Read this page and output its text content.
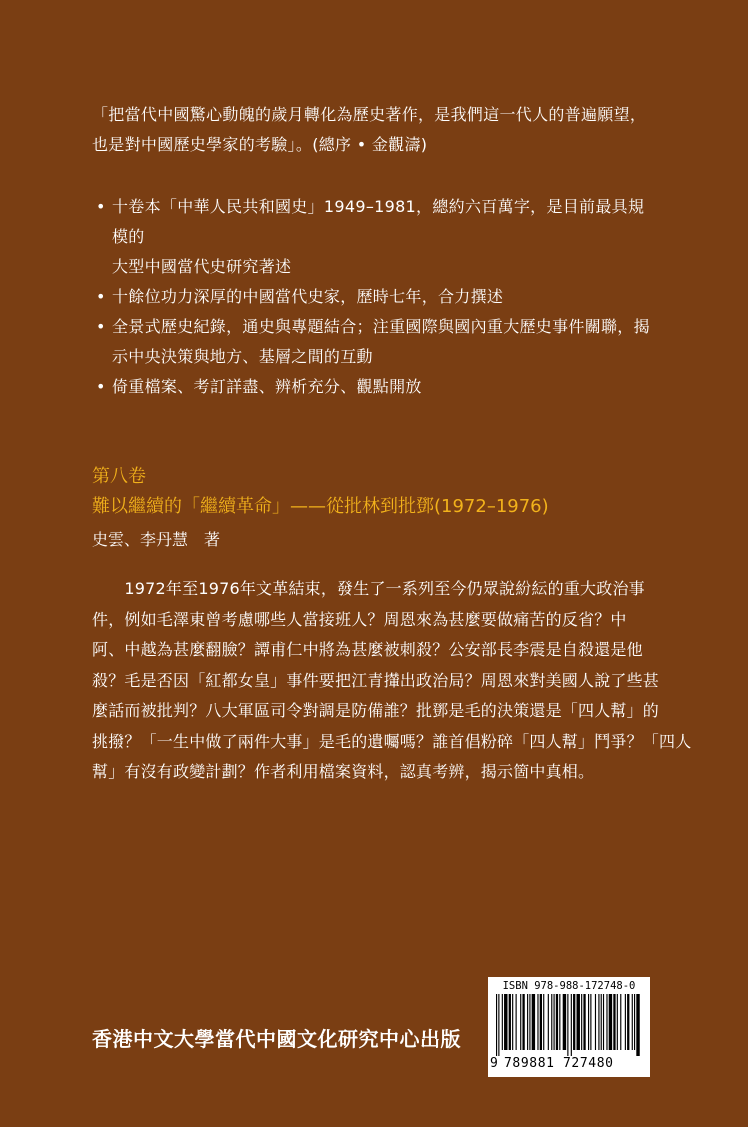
「把當代中國驚心動魄的歲月轉化為歷史著作，是我們這一代人的普遍願望，

也是對中國歷史學家的考驗」。(總序 • 金觀濤)

• 十卷本「中華人民共和國史」1949–1981，總約六百萬字，是目前最具規模的
大型中國當代史研究著述
• 十餘位功力深厚的中國當代史家，歷時七年，合力撰述
• 全景式歷史紀錄，通史與專題結合；注重國際與國內重大歷史事件關聯，揭
示中央決策與地方、基層之間的互動
• 倚重檔案、考訂詳盡、辨析充分、觀點開放
第八卷
難以繼續的「繼續革命」——從批林到批鄧(1972–1976)
史雲、李丹慧　著
　　1972年至1976年文革結束，發生了一系列至今仍眾說紛紜的重大政治事
件，例如毛澤東曾考慮哪些人當接班人？周恩來為甚麼要做痛苦的反省？中
阿、中越為甚麼翻臉？譚甫仁中將為甚麼被刺殺？公安部長李震是自殺還是他
殺？毛是否因「紅都女皇」事件要把江青攆出政治局？周恩來對美國人說了些甚
麼話而被批判？八大軍區司令對調是防備誰？批鄧是毛的決策還是「四人幫」的
挑撥？「一生中做了兩件大事」是毛的遺囑嗎？誰首倡粉碎「四人幫」鬥爭？「四人
幫」有沒有政變計劃？作者利用檔案資料，認真考辨，揭示箇中真相。
香港中文大學當代中國文化研究中心出版
ISBN 978-988-172748-0
9 789881 727480
